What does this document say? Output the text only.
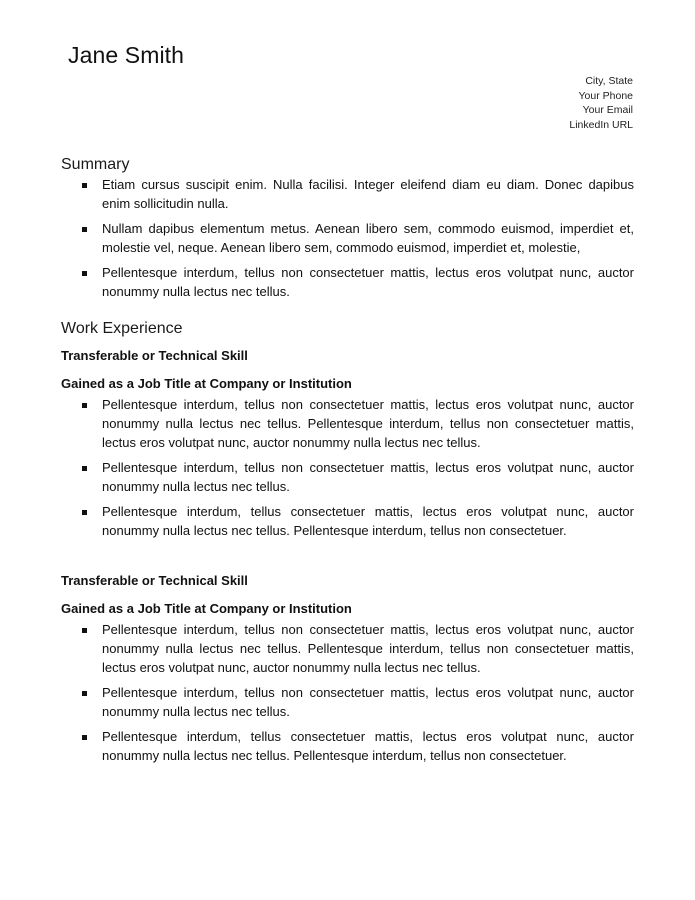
Jane Smith
City, State
Your Phone
Your Email
LinkedIn URL
Summary
Etiam cursus suscipit enim. Nulla facilisi. Integer eleifend diam eu diam. Donec dapibus enim sollicitudin nulla.
Nullam dapibus elementum metus. Aenean libero sem, commodo euismod, imperdiet et, molestie vel, neque. Aenean libero sem, commodo euismod, imperdiet et, molestie,
Pellentesque interdum, tellus non consectetuer mattis, lectus eros volutpat nunc, auctor nonummy nulla lectus nec tellus.
Work Experience
Transferable or Technical Skill
Gained as a Job Title at Company or Institution
Pellentesque interdum, tellus non consectetuer mattis, lectus eros volutpat nunc, auctor nonummy nulla lectus nec tellus. Pellentesque interdum, tellus non consectetuer mattis, lectus eros volutpat nunc, auctor nonummy nulla lectus nec tellus.
Pellentesque interdum, tellus non consectetuer mattis, lectus eros volutpat nunc, auctor nonummy nulla lectus nec tellus.
Pellentesque interdum, tellus consectetuer mattis, lectus eros volutpat nunc, auctor nonummy nulla lectus nec tellus. Pellentesque interdum, tellus non consectetuer.
Transferable or Technical Skill
Gained as a Job Title at Company or Institution
Pellentesque interdum, tellus non consectetuer mattis, lectus eros volutpat nunc, auctor nonummy nulla lectus nec tellus. Pellentesque interdum, tellus non consectetuer mattis, lectus eros volutpat nunc, auctor nonummy nulla lectus nec tellus.
Pellentesque interdum, tellus non consectetuer mattis, lectus eros volutpat nunc, auctor nonummy nulla lectus nec tellus.
Pellentesque interdum, tellus consectetuer mattis, lectus eros volutpat nunc, auctor nonummy nulla lectus nec tellus. Pellentesque interdum, tellus non consectetuer.
